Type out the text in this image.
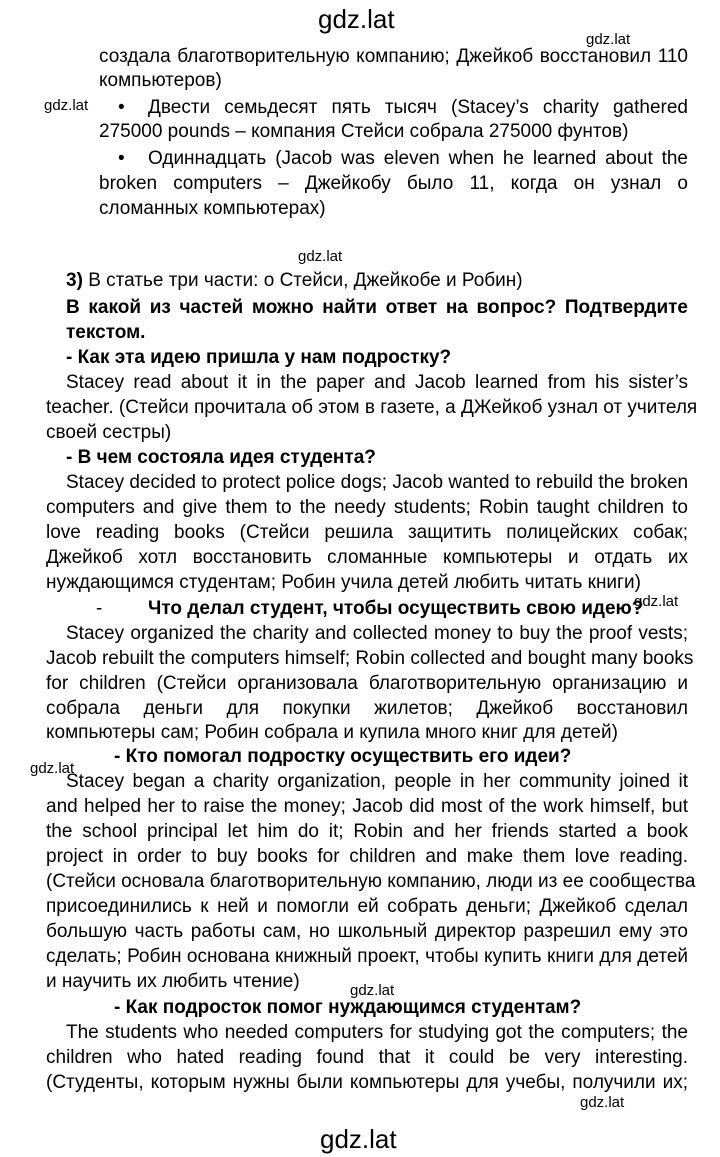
gdz.lat
gdz.lat
gdz.lat
gdz.lat
gdz.lat
gdz.lat
gdz.lat
gdz.lat
gdz.lat
создала благотворительную компанию; Джейкоб восстановил 110
компьютеров)
• Двести семьдесят пять тысяч (Stacey’s charity gathered
275000 pounds – компания Стейси собрала 275000 фунтов)
• Одиннадцать (Jacob was eleven when he learned about the
broken computers – Джейкобу было 11, когда он узнал о
сломанных компьютерах)
3) В статье три части: о Стейси, Джейкобе и Робин)
В какой из частей можно найти ответ на вопрос? Подтвердите
текстом.
- Как эта идею пришла у нам подростку?
Stacey read about it in the paper and Jacob learned from his sister’s
teacher. (Стейси прочитала об этом в газете, а ДЖейкоб узнал от учителя
своей сестры)
- В чем состояла идея студента?
Stacey decided to protect police dogs; Jacob wanted to rebuild the broken
computers and give them to the needy students; Robin taught children to
love reading books (Стейси решила защитить полицейских собак;
Джейкоб хотл восстановить сломанные компьютеры и отдать их
нуждающимся студентам; Робин учила детей любить читать книги)
- Что делал студент, чтобы осуществить свою идею?
Stacey organized the charity and collected money to buy the proof vests;
Jacob rebuilt the computers himself; Robin collected and bought many books
for children (Стейси организовала благотворительную организацию и
собрала деньги для покупки жилетов; Джейкоб восстановил
компьютеры сам; Робин собрала и купила много книг для детей)
- Кто помогал подростку осуществить его идеи?
Stacey began a charity organization, people in her community joined it
and helped her to raise the money; Jacob did most of the work himself, but
the school principal let him do it; Robin and her friends started a book
project in order to buy books for children and make them love reading.
(Стейси основала благотворительную компанию, люди из ее сообщества
присоединились к ней и помогли ей собрать деньги; Джейкоб сделал
большую часть работы сам, но школьный директор разрешил ему это
сделать; Робин основана книжный проект, чтобы купить книги для детей
и научить их любить чтение)
- Как подросток помог нуждающимся студентам?
The students who needed computers for studying got the computers; the
children who hated reading found that it could be very interesting.
(Студенты, которым нужны были компьютеры для учебы, получили их;
